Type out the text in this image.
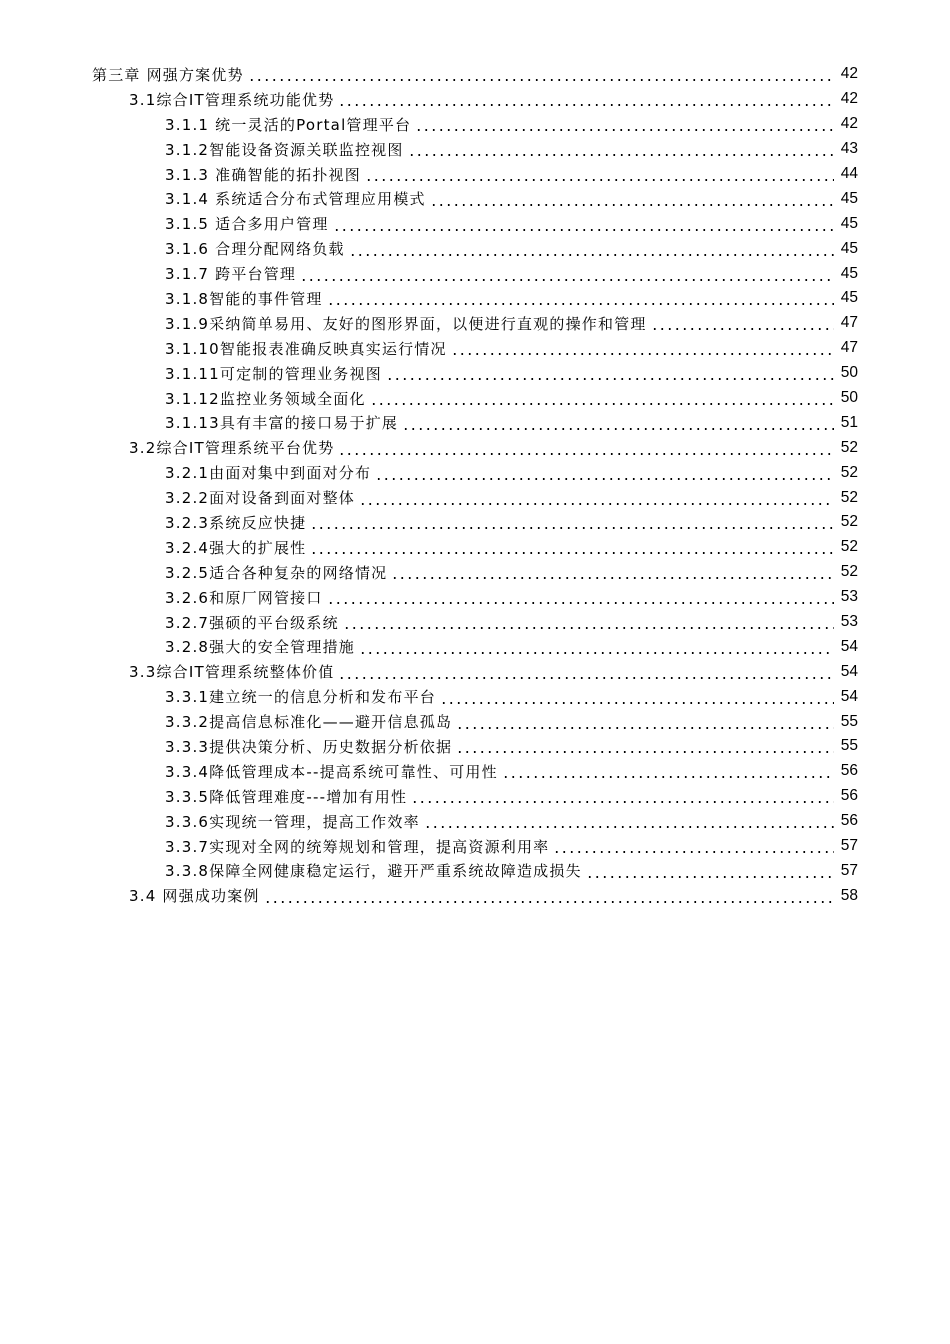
第三章 网强方案优势	42
3.1综合IT管理系统功能优势	42
3.1.1 统一灵活的Portal管理平台	42
3.1.2智能设备资源关联监控视图	43
3.1.3 准确智能的拓扑视图	44
3.1.4 系统适合分布式管理应用模式	45
3.1.5 适合多用户管理	45
3.1.6 合理分配网络负载	45
3.1.7 跨平台管理	45
3.1.8智能的事件管理	45
3.1.9采纳简单易用、友好的图形界面，以便进行直观的操作和管理	47
3.1.10智能报表准确反映真实运行情况	47
3.1.11可定制的管理业务视图	50
3.1.12监控业务领域全面化	50
3.1.13具有丰富的接口易于扩展	51
3.2综合IT管理系统平台优势	52
3.2.1由面对集中到面对分布	52
3.2.2面对设备到面对整体	52
3.2.3系统反应快捷	52
3.2.4强大的扩展性	52
3.2.5适合各种复杂的网络情况	52
3.2.6和原厂网管接口	53
3.2.7强硕的平台级系统	53
3.2.8强大的安全管理措施	54
3.3综合IT管理系统整体价值	54
3.3.1建立统一的信息分析和发布平台	54
3.3.2提高信息标准化——避开信息孤岛	55
3.3.3提供决策分析、历史数据分析依据	55
3.3.4降低管理成本--提高系统可靠性、可用性	56
3.3.5降低管理难度---增加有用性	56
3.3.6实现统一管理，提高工作效率	56
3.3.7实现对全网的统筹规划和管理，提高资源利用率	57
3.3.8保障全网健康稳定运行，避开严重系统故障造成损失	57
3.4 网强成功案例	58
